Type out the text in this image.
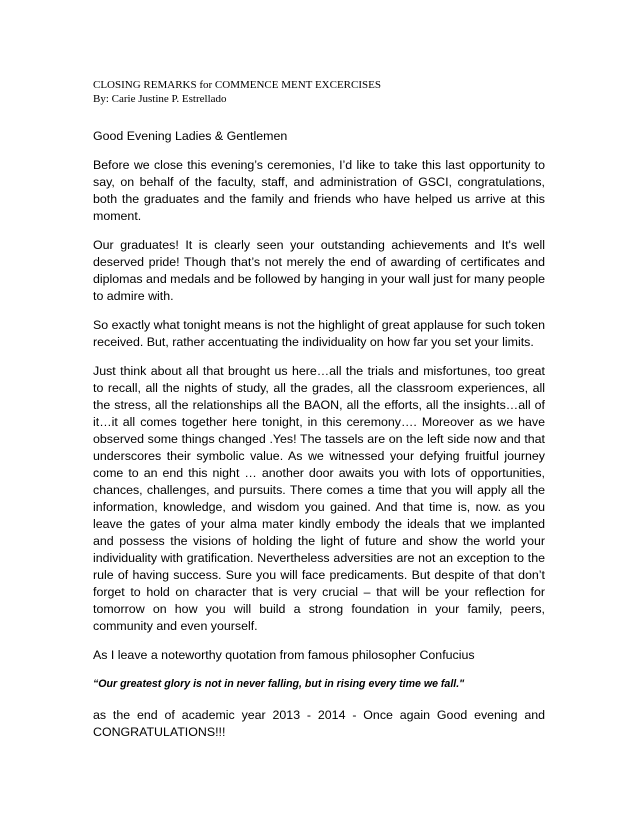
CLOSING REMARKS for COMMENCE MENT EXCERCISES
By: Carie Justine P. Estrellado

Good Evening Ladies & Gentlemen

Before we close this evening’s ceremonies, I’d like to take this last opportunity to say, on behalf of the faculty, staff, and administration of GSCI, congratulations, both the graduates and the family and friends who have helped us arrive at this moment.

Our graduates! It is clearly seen your outstanding achievements and It's well deserved pride! Though that’s not merely the end of awarding of certificates and diplomas and medals and be followed by hanging in your wall just for many people to admire with.

So exactly what tonight means is not the highlight of great applause for such token received. But, rather accentuating the individuality on how far you set your limits.

Just think about all that brought us here…all the trials and misfortunes, too great to recall, all the nights of study, all the grades, all the classroom experiences, all the stress, all the relationships all the BAON, all the efforts, all the insights…all of it…it all comes together here tonight, in this ceremony…. Moreover as we have observed some things changed .Yes! The tassels are on the left side now and that underscores their symbolic value. As we witnessed your defying fruitful journey come to an end this night … another door awaits you with lots of opportunities, chances, challenges, and pursuits. There comes a time that you will apply all the information, knowledge, and wisdom you gained. And that time is, now. as you leave the gates of your alma mater kindly embody the ideals that we implanted and possess the visions of holding the light of future and show the world your individuality with gratification. Nevertheless adversities are not an exception to the rule of having success. Sure you will face predicaments. But despite of that don’t forget to hold on character that is very crucial – that will be your reflection for tomorrow on how you will build a strong foundation in your family, peers, community and even yourself.

As I leave a noteworthy quotation from famous philosopher Confucius

“Our greatest glory is not in never falling, but in rising every time we fall."

as the end of academic year 2013 - 2014 - Once again Good evening and CONGRATULATIONS!!!
